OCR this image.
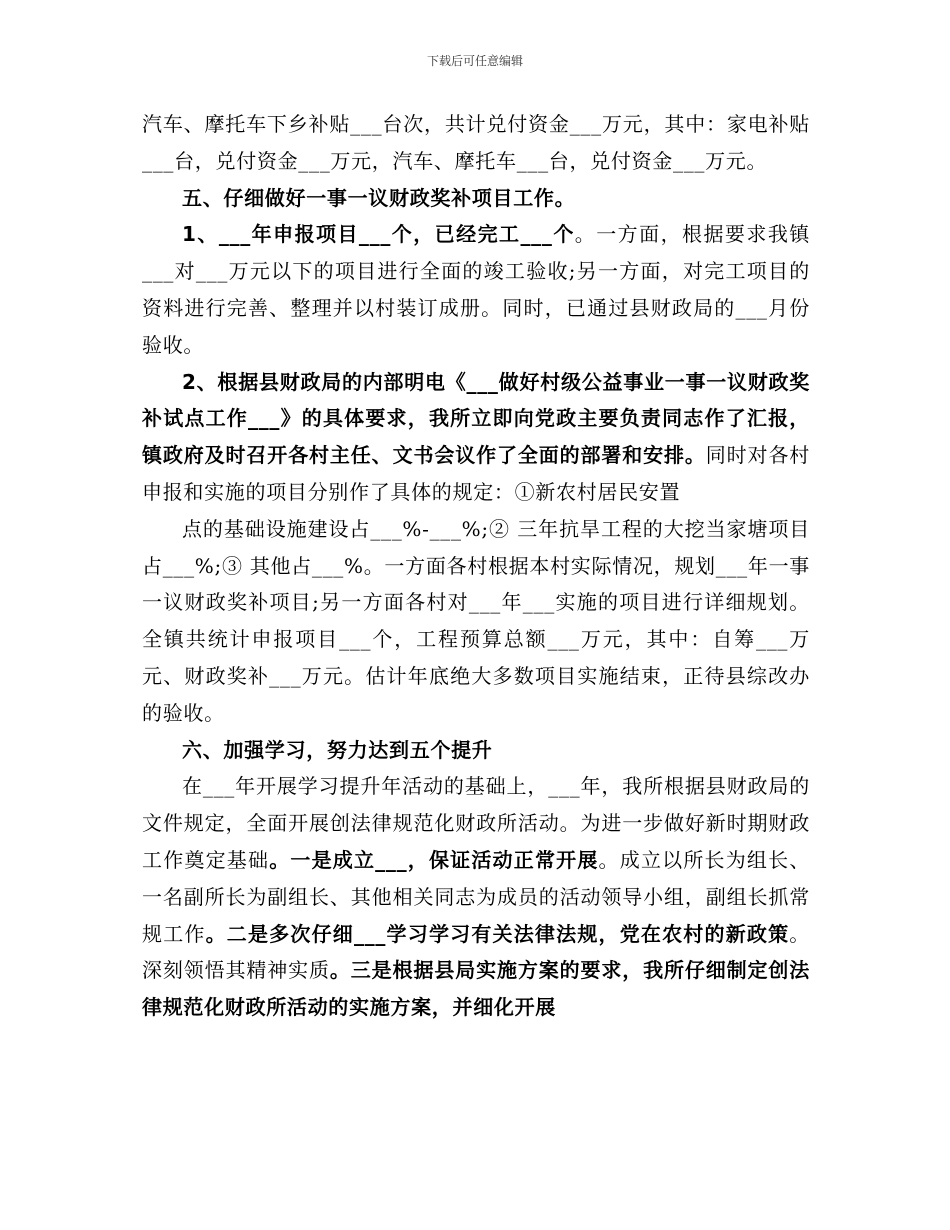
下载后可任意编辑

汽车、摩托车下乡补贴___台次，共计兑付资金___万元，其中：家电补贴___台，兑付资金___万元，汽车、摩托车___台，兑付资金___万元。

五、仔细做好一事一议财政奖补项目工作。

1、___年申报项目___个，已经完工___个。一方面，根据要求我镇___对___万元以下的项目进行全面的竣工验收;另一方面，对完工项目的资料进行完善、整理并以村装订成册。同时，已通过县财政局的___月份验收。

2、根据县财政局的内部明电《___做好村级公益事业一事一议财政奖补试点工作___》的具体要求，我所立即向党政主要负责同志作了汇报，镇政府及时召开各村主任、文书会议作了全面的部署和安排。同时对各村申报和实施的项目分别作了具体的规定：①新农村居民安置

点的基础设施建设占___%-___%;② 三年抗旱工程的大挖当家塘项目占___%;③ 其他占___%。一方面各村根据本村实际情况，规划___年一事一议财政奖补项目;另一方面各村对___年___实施的项目进行详细规划。全镇共统计申报项目___个，工程预算总额___万元，其中：自筹___万元、财政奖补___万元。估计年底绝大多数项目实施结束，正待县综改办的验收。

六、加强学习，努力达到五个提升

在___年开展学习提升年活动的基础上，___年，我所根据县财政局的文件规定，全面开展创法律规范化财政所活动。为进一步做好新时期财政工作奠定基础。一是成立___，保证活动正常开展。成立以所长为组长、一名副所长为副组长、其他相关同志为成员的活动领导小组，副组长抓常规工作。二是多次仔细___学习学习有关法律法规，党在农村的新政策。深刻领悟其精神实质。三是根据县局实施方案的要求，我所仔细制定创法律规范化财政所活动的实施方案，并细化开展
